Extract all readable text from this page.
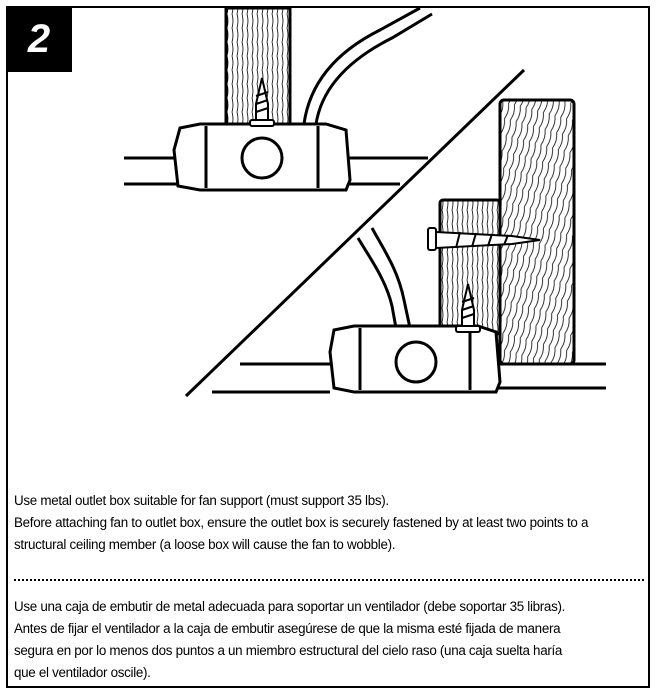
2

Use metal outlet box suitable for fan support (must support 35 lbs).

Before attaching fan to outlet box, ensure the outlet box is securely fastened by at least two points to a

structural ceiling member (a loose box will cause the fan to wobble).

Use una caja de embutir de metal adecuada para soportar un ventilador (debe soportar 35 libras).

Antes de fijar el ventilador a la caja de embutir asegúrese de que la misma esté fijada de manera

segura en por lo menos dos puntos a un miembro estructural del cielo raso (una caja suelta haría

que el ventilador oscile).
